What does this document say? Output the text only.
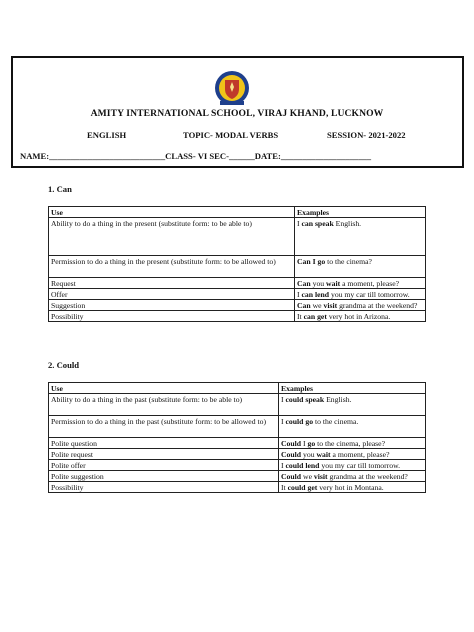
AMITY INTERNATIONAL SCHOOL, VIRAJ KHAND, LUCKNOW
ENGLISH	TOPIC- MODAL VERBS	SESSION- 2021-2022
NAME:___________________________CLASS- VI SEC-______DATE:_____________________
1. Can
Use	Examples
Ability to do a thing in the present (substitute form: to be able to)	I can speak English.
Permission to do a thing in the present (substitute form: to be allowed to)	Can I go to the cinema?
Request	Can you wait a moment, please?
Offer	I can lend you my car till tomorrow.
Suggestion	Can we visit grandma at the weekend?
Possibility	It can get very hot in Arizona.
2. Could
Use	Examples
Ability to do a thing in the past (substitute form: to be able to)	I could speak English.
Permission to do a thing in the past (substitute form: to be allowed to)	I could go to the cinema.
Polite question	Could I go to the cinema, please?
Polite request	Could you wait a moment, please?
Polite offer	I could lend you my car till tomorrow.
Polite suggestion	Could we visit grandma at the weekend?
Possibility	It could get very hot in Montana.
